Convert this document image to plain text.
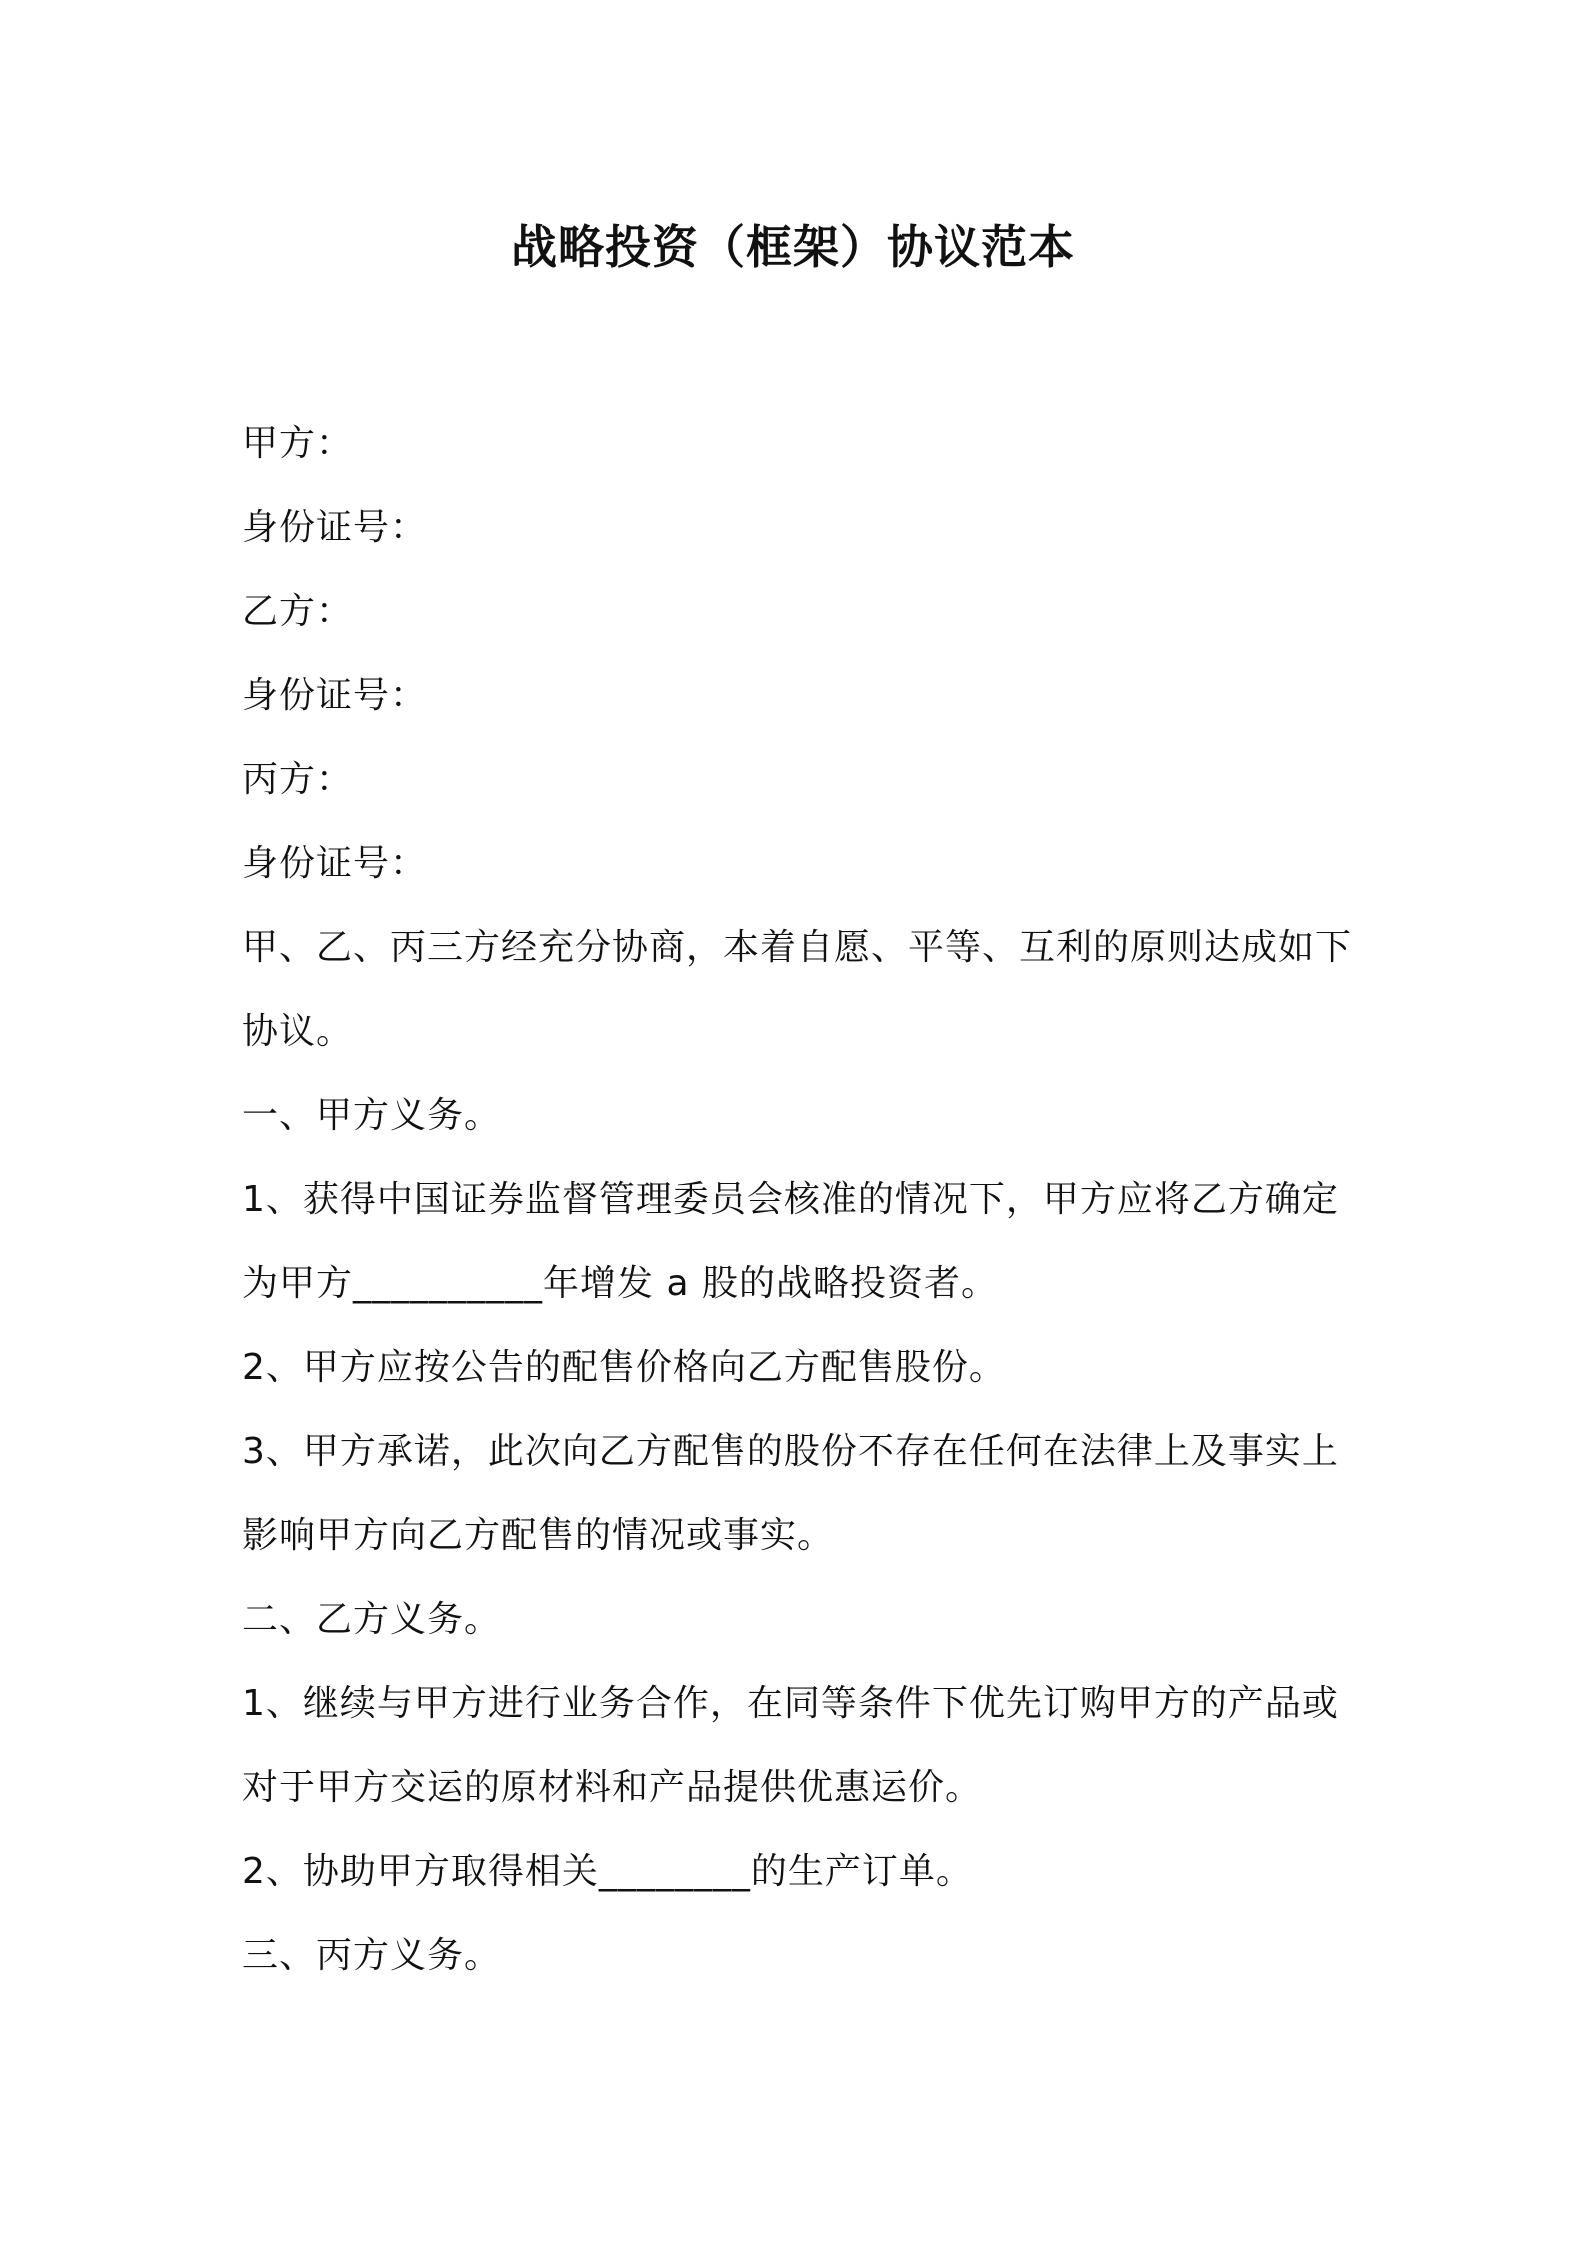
战略投资（框架）协议范本
甲方：
身份证号：
乙方：
身份证号：
丙方：
身份证号：
甲、乙、丙三方经充分协商，本着自愿、平等、互利的原则达成如下
协议。
一、甲方义务。
1、获得中国证券监督管理委员会核准的情况下，甲方应将乙方确定
为甲方__________年增发 a 股的战略投资者。
2、甲方应按公告的配售价格向乙方配售股份。
3、甲方承诺，此次向乙方配售的股份不存在任何在法律上及事实上
影响甲方向乙方配售的情况或事实。
二、乙方义务。
1、继续与甲方进行业务合作，在同等条件下优先订购甲方的产品或
对于甲方交运的原材料和产品提供优惠运价。
2、协助甲方取得相关________的生产订单。
三、丙方义务。
